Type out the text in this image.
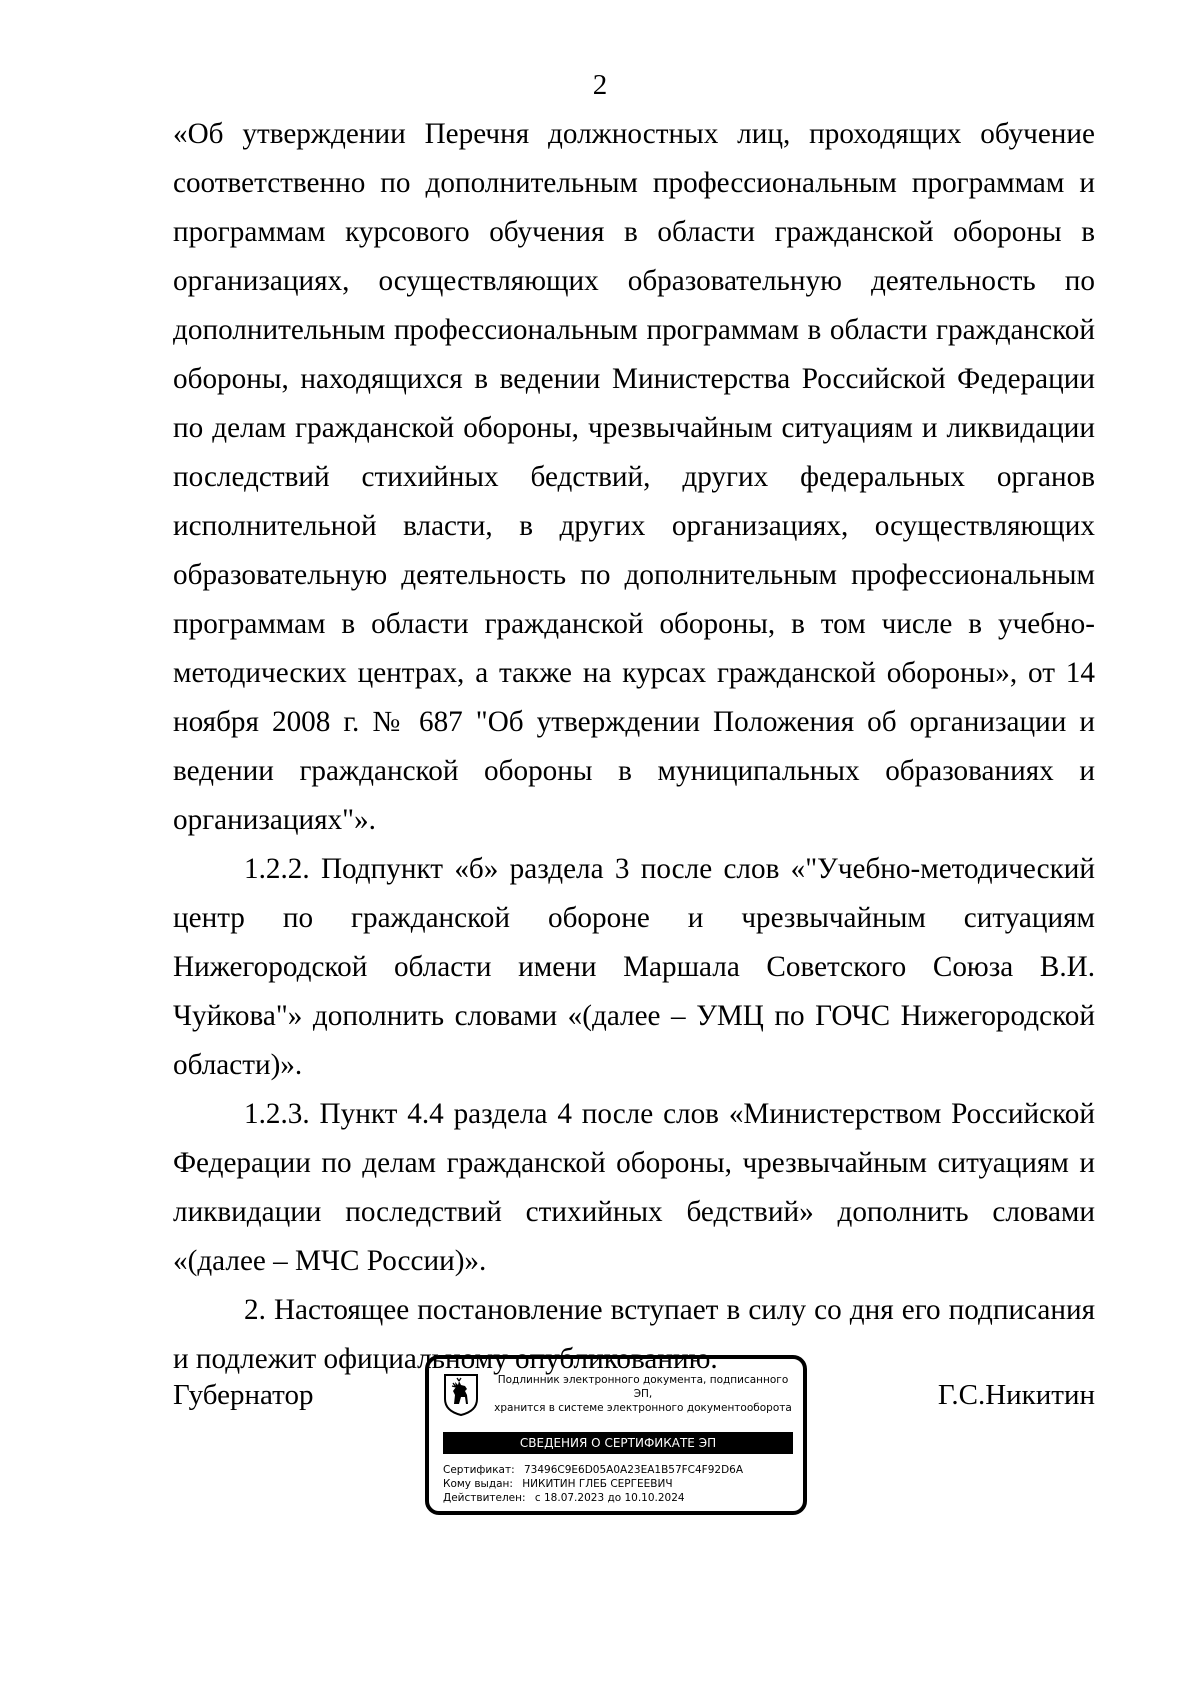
2

«Об утверждении Перечня должностных лиц, проходящих обучение соответственно по дополнительным профессиональным программам и программам курсового обучения в области гражданской обороны в организациях, осуществляющих образовательную деятельность по дополнительным профессиональным программам в области гражданской обороны, находящихся в ведении Министерства Российской Федерации по делам гражданской обороны, чрезвычайным ситуациям и ликвидации последствий стихийных бедствий, других федеральных органов исполнительной власти, в других организациях, осуществляющих образовательную деятельность по дополнительным профессиональным программам в области гражданской обороны, в том числе в учебно-методических центрах, а также на курсах гражданской обороны», от 14 ноября 2008 г. № 687 "Об утверждении Положения об организации и ведении гражданской обороны в муниципальных образованиях и организациях"».

1.2.2. Подпункт «б» раздела 3 после слов «"Учебно-методический центр по гражданской обороне и чрезвычайным ситуациям Нижегородской области имени Маршала Советского Союза В.И. Чуйкова"» дополнить словами «(далее – УМЦ по ГОЧС Нижегородской области)».

1.2.3. Пункт 4.4 раздела 4 после слов «Министерством Российской Федерации по делам гражданской обороны, чрезвычайным ситуациям и ликвидации последствий стихийных бедствий» дополнить словами «(далее – МЧС России)».

2. Настоящее постановление вступает в силу со дня его подписания и подлежит официальному опубликованию.

Губернатор	Г.С.Никитин
Подлинник электронного документа, подписанного ЭП,
хранится в системе электронного документооборота
СВЕДЕНИЯ О СЕРТИФИКАТЕ ЭП
Сертификат: 73496C9E6D05A0A23EA1B57FC4F92D6A
Кому выдан: НИКИТИН ГЛЕБ СЕРГЕЕВИЧ
Действителен: с 18.07.2023 до 10.10.2024
